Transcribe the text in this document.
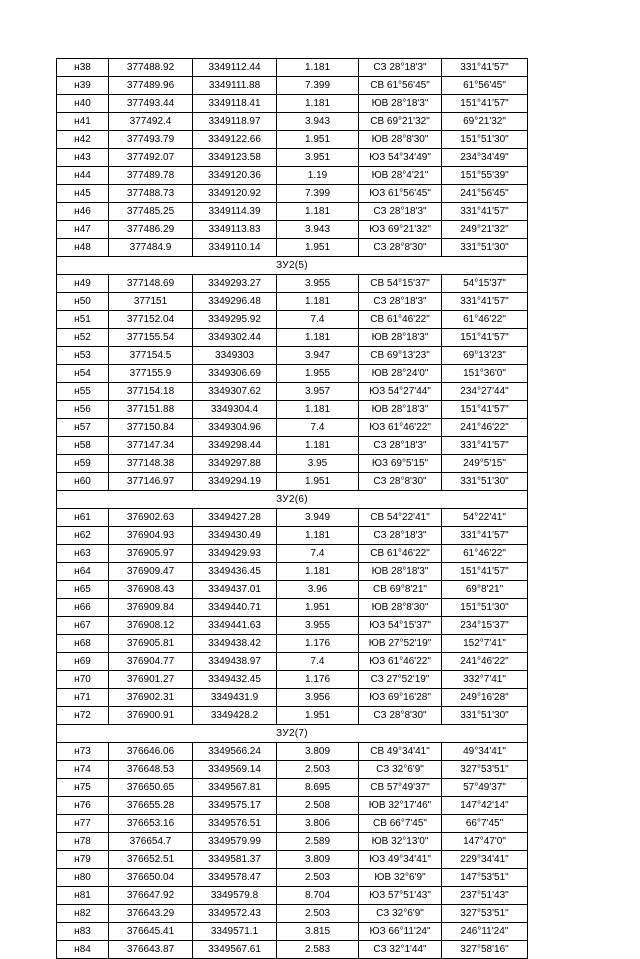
н38	377488.92	3349112.44	1.181	СЗ 28°18'3"	331°41'57"
н39	377489.96	3349111.88	7.399	СВ 61°56'45"	61°56'45"
н40	377493.44	3349118.41	1.181	ЮВ 28°18'3"	151°41'57"
н41	377492.4	3349118.97	3.943	СВ 69°21'32"	69°21'32"
н42	377493.79	3349122.66	1.951	ЮВ 28°8'30"	151°51'30"
н43	377492.07	3349123.58	3.951	ЮЗ 54°34'49"	234°34'49"
н44	377489.78	3349120.36	1.19	ЮВ 28°4'21"	151°55'39"
н45	377488.73	3349120.92	7.399	ЮЗ 61°56'45"	241°56'45"
н46	377485.25	3349114.39	1.181	СЗ 28°18'3"	331°41'57"
н47	377486.29	3349113.83	3.943	ЮЗ 69°21'32"	249°21'32"
н48	377484.9	3349110.14	1.951	СЗ 28°8'30"	331°51'30"
ЗУ2(5)					
н49	377148.69	3349293.27	3.955	СВ 54°15'37"	54°15'37"
н50	377151	3349296.48	1.181	СЗ 28°18'3"	331°41'57"
н51	377152.04	3349295.92	7.4	СВ 61°46'22"	61°46'22"
н52	377155.54	3349302.44	1.181	ЮВ 28°18'3"	151°41'57"
н53	377154.5	3349303	3.947	СВ 69°13'23"	69°13'23"
н54	377155.9	3349306.69	1.955	ЮВ 28°24'0"	151°36'0"
н55	377154.18	3349307.62	3.957	ЮЗ 54°27'44"	234°27'44"
н56	377151.88	3349304.4	1.181	ЮВ 28°18'3"	151°41'57"
н57	377150.84	3349304.96	7.4	ЮЗ 61°46'22"	241°46'22"
н58	377147.34	3349298.44	1.181	СЗ 28°18'3"	331°41'57"
н59	377148.38	3349297.88	3.95	ЮЗ 69°5'15"	249°5'15"
н60	377146.97	3349294.19	1.951	СЗ 28°8'30"	331°51'30"
ЗУ2(6)					
н61	376902.63	3349427.28	3.949	СВ 54°22'41"	54°22'41"
н62	376904.93	3349430.49	1.181	СЗ 28°18'3"	331°41'57"
н63	376905.97	3349429.93	7.4	СВ 61°46'22"	61°46'22"
н64	376909.47	3349436.45	1.181	ЮВ 28°18'3"	151°41'57"
н65	376908.43	3349437.01	3.96	СВ 69°8'21"	69°8'21"
н66	376909.84	3349440.71	1.951	ЮВ 28°8'30"	151°51'30"
н67	376908.12	3349441.63	3.955	ЮЗ 54°15'37"	234°15'37"
н68	376905.81	3349438.42	1.176	ЮВ 27°52'19"	152°7'41"
н69	376904.77	3349438.97	7.4	ЮЗ 61°46'22"	241°46'22"
н70	376901.27	3349432.45	1.176	СЗ 27°52'19"	332°7'41"
н71	376902.31	3349431.9	3.956	ЮЗ 69°16'28"	249°16'28"
н72	376900.91	3349428.2	1.951	СЗ 28°8'30"	331°51'30"
ЗУ2(7)					
н73	376646.06	3349566.24	3.809	СВ 49°34'41"	49°34'41"
н74	376648.53	3349569.14	2.503	СЗ 32°6'9"	327°53'51"
н75	376650.65	3349567.81	8.695	СВ 57°49'37"	57°49'37"
н76	376655.28	3349575.17	2.508	ЮВ 32°17'46"	147°42'14"
н77	376653.16	3349576.51	3.806	СВ 66°7'45"	66°7'45"
н78	376654.7	3349579.99	2.589	ЮВ 32°13'0"	147°47'0"
н79	376652.51	3349581.37	3.809	ЮЗ 49°34'41"	229°34'41"
н80	376650.04	3349578.47	2.503	ЮВ 32°6'9"	147°53'51"
н81	376647.92	3349579.8	8.704	ЮЗ 57°51'43"	237°51'43"
н82	376643.29	3349572.43	2.503	СЗ 32°6'9"	327°53'51"
н83	376645.41	3349571.1	3.815	ЮЗ 66°11'24"	246°11'24"
н84	376643.87	3349567.61	2.583	СЗ 32°1'44"	327°58'16"
